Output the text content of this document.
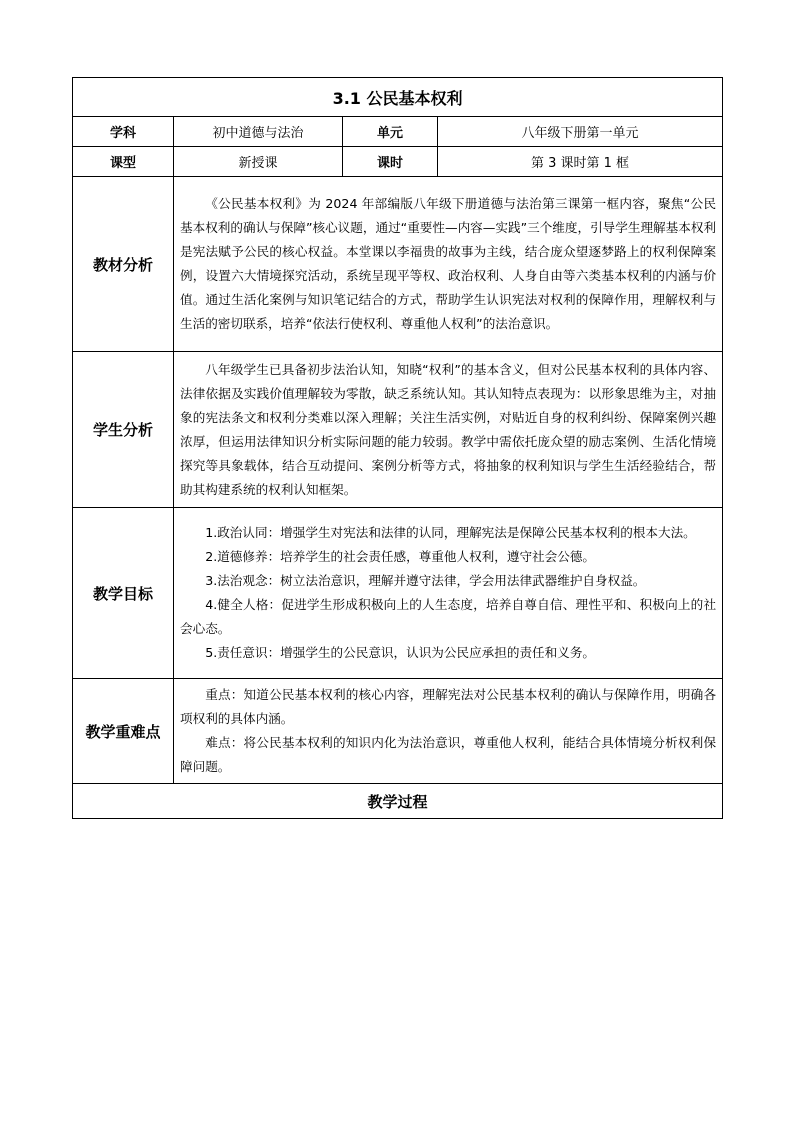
3.1 公民基本权利			
学科	初中道德与法治	单元	八年级下册第一单元
课型	新授课	课时	第 3 课时第 1 框
教材分析	《公民基本权利》为 2024 年部编版八年级下册道德与法治第三课第一框内容，聚焦“公民基本权利的确认与保障”核心议题，通过“重要性—内容—实践”三个维度，引导学生理解基本权利是宪法赋予公民的核心权益。本堂课以李福贵的故事为主线，结合庞众望逐梦路上的权利保障案例，设置六大情境探究活动，系统呈现平等权、政治权利、人身自由等六类基本权利的内涵与价值。通过生活化案例与知识笔记结合的方式，帮助学生认识宪法对权利的保障作用，理解权利与生活的密切联系，培养“依法行使权利、尊重他人权利”的法治意识。		

学生分析	八年级学生已具备初步法治认知，知晓“权利”的基本含义，但对公民基本权利的具体内容、法律依据及实践价值理解较为零散，缺乏系统认知。其认知特点表现为：以形象思维为主，对抽象的宪法条文和权利分类难以深入理解；关注生活实例，对贴近自身的权利纠纷、保障案例兴趣浓厚，但运用法律知识分析实际问题的能力较弱。教学中需依托庞众望的励志案例、生活化情境探究等具象载体，结合互动提问、案例分析等方式，将抽象的权利知识与学生生活经验结合，帮助其构建系统的权利认知框架。		

教学目标	1.政治认同：增强学生对宪法和法律的认同，理解宪法是保障公民基本权利的根本大法。

2.道德修养：培养学生的社会责任感，尊重他人权利，遵守社会公德。

3.法治观念：树立法治意识，理解并遵守法律，学会用法律武器维护自身权益。

4.健全人格：促进学生形成积极向上的人生态度，培养自尊自信、理性平和、积极向上的社会心态。

5.责任意识：增强学生的公民意识，认识为公民应承担的责任和义务。		

教学重难点	重点：知道公民基本权利的核心内容，理解宪法对公民基本权利的确认与保障作用，明确各项权利的具体内涵。

难点：将公民基本权利的知识内化为法治意识，尊重他人权利，能结合具体情境分析权利保障问题。		

教学过程			
